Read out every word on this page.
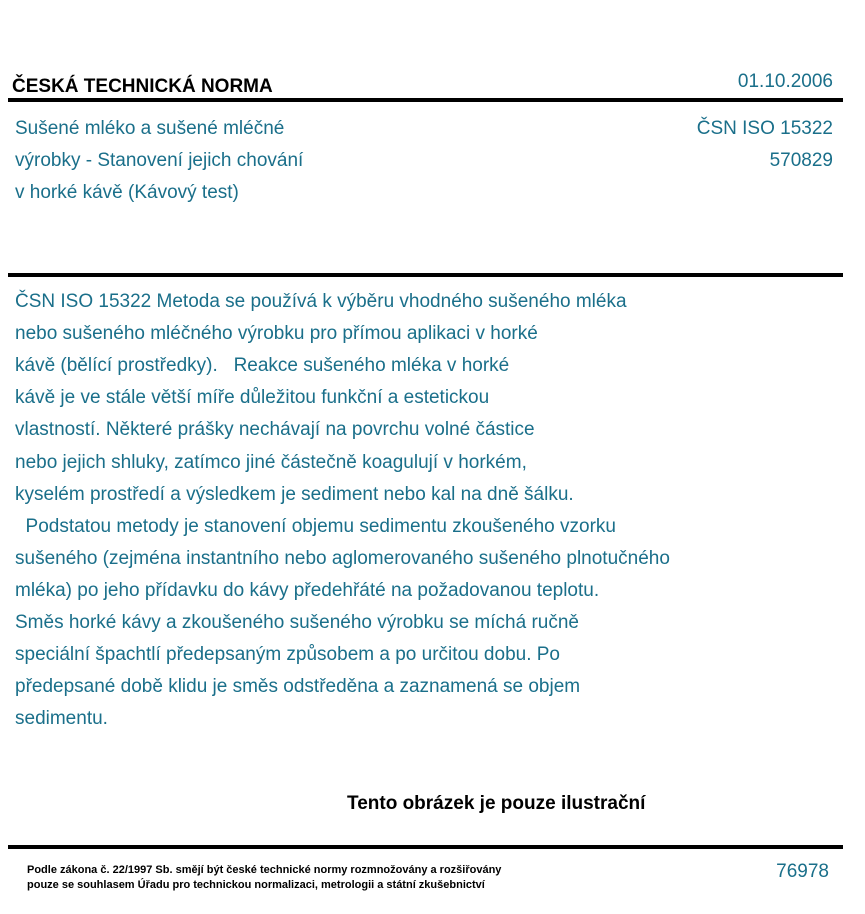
ČESKÁ TECHNICKÁ NORMA	01.10.2006
Sušené mléko a sušené mléčné
výrobky - Stanovení jejich chování
v horké kávě (Kávový test)
ČSN ISO 15322
570829
ČSN ISO 15322 Metoda se používá k výběru vhodného sušeného mléka
nebo sušeného mléčného výrobku pro přímou aplikaci v horké
kávě (bělící prostředky).   Reakce sušeného mléka v horké
kávě je ve stále větší míře důležitou funkční a estetickou
vlastností. Některé prášky nechávají na povrchu volné částice
nebo jejich shluky, zatímco jiné částečně koagulují v horkém,
kyselém prostředí a výsledkem je sediment nebo kal na dně šálku.
Podstatou metody je stanovení objemu sedimentu zkoušeného vzorku
sušeného (zejména instantního nebo aglomerovaného sušeného plnotučného
mléka) po jeho přídavku do kávy předehřáté na požadovanou teplotu.
Směs horké kávy a zkoušeného sušeného výrobku se míchá ručně
speciální špachtlí předepsaným způsobem a po určitou dobu. Po
předepsané době klidu je směs odstředěna a zaznamená se objem
sedimentu.
Tento obrázek je pouze ilustrační
Podle zákona č. 22/1997 Sb. smějí být české technické normy rozmnožovány a rozšiřovány
pouze se souhlasem Úřadu pro technickou normalizaci, metrologii a státní zkušebnictví
76978
